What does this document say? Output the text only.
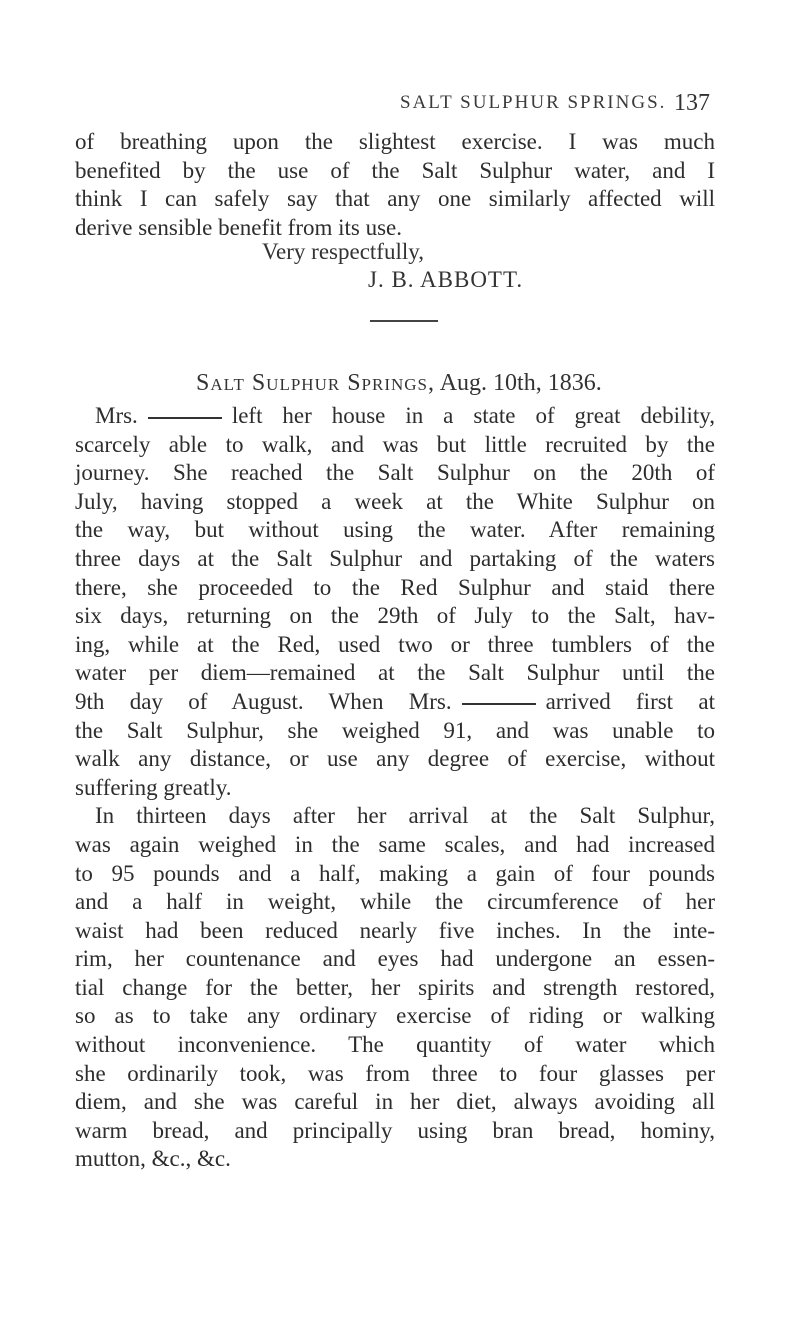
SALT SULPHUR SPRINGS. 137
of breathing upon the slightest exercise. I was much
benefited by the use of the Salt Sulphur water, and I
think I can safely say that any one similarly affected will
derive sensible benefit from its use.
Very respectfully,
J. B. ABBOTT.
Salt Sulphur Springs, Aug. 10th, 1836.
Mrs.	left her house in a state of great debility,
scarcely able to walk, and was but little recruited by the
journey. She reached the Salt Sulphur on the 20th of
July, having stopped a week at the White Sulphur on
the way, but without using the water. After remaining
three days at the Salt Sulphur and partaking of the waters
there, she proceeded to the Red Sulphur and staid there
six days, returning on the 29th of July to the Salt, hav-
ing, while at the Red, used two or three tumblers of the
water per diem—remained at the Salt Sulphur until the
9th day of August. When Mrs.	arrived first at
the Salt Sulphur, she weighed 91, and was unable to
walk any distance, or use any degree of exercise, without
suffering greatly.
In thirteen days after her arrival at the Salt Sulphur,
was again weighed in the same scales, and had increased
to 95 pounds and a half, making a gain of four pounds
and a half in weight, while the circumference of her
waist had been reduced nearly five inches. In the inte-
rim, her countenance and eyes had undergone an essen-
tial change for the better, her spirits and strength restored,
so as to take any ordinary exercise of riding or walking
without inconvenience. The quantity of water which
she ordinarily took, was from three to four glasses per
diem, and she was careful in her diet, always avoiding all
warm bread, and principally using bran bread, hominy,
mutton, &c., &c.
